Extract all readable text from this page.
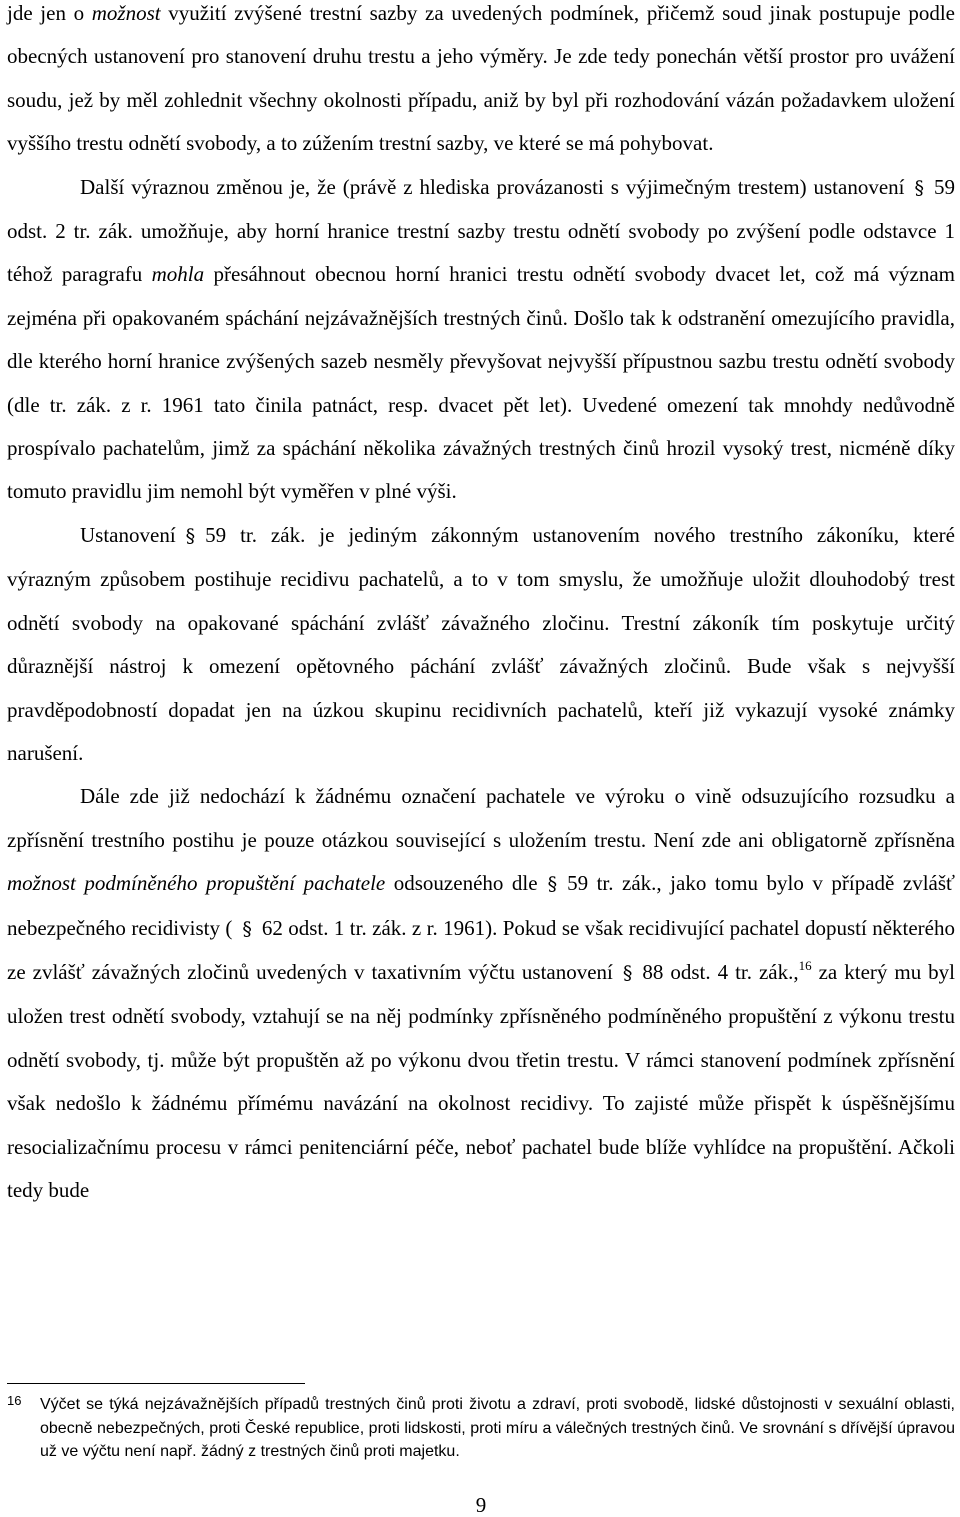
jde jen o možnost využití zvýšené trestní sazby za uvedených podmínek, přičemž soud jinak postupuje podle obecných ustanovení pro stanovení druhu trestu a jeho výměry. Je zde tedy ponechán větší prostor pro uvážení soudu, jež by měl zohlednit všechny okolnosti případu, aniž by byl při rozhodování vázán požadavkem uložení vyššího trestu odnětí svobody, a to zúžením trestní sazby, ve které se má pohybovat.

Další výraznou změnou je, že (právě z hlediska provázanosti s výjimečným trestem) ustanovení § 59 odst. 2 tr. zák. umožňuje, aby horní hranice trestní sazby trestu odnětí svobody po zvýšení podle odstavce 1 téhož paragrafu mohla přesáhnout obecnou horní hranici trestu odnětí svobody dvacet let, což má význam zejména při opakovaném spáchání nejzávažnějších trestných činů. Došlo tak k odstranění omezujícího pravidla, dle kterého horní hranice zvýšených sazeb nesměly převyšovat nejvyšší přípustnou sazbu trestu odnětí svobody (dle tr. zák. z r. 1961 tato činila patnáct, resp. dvacet pět let). Uvedené omezení tak mnohdy nedůvodně prospívalo pachatelům, jimž za spáchání několika závažných trestných činů hrozil vysoký trest, nicméně díky tomuto pravidlu jim nemohl být vyměřen v plné výši.

Ustanovení § 59 tr. zák. je jediným zákonným ustanovením nového trestního zákoníku, které výrazným způsobem postihuje recidivu pachatelů, a to v tom smyslu, že umožňuje uložit dlouhodobý trest odnětí svobody na opakované spáchání zvlášť závažného zločinu. Trestní zákoník tím poskytuje určitý důraznější nástroj k omezení opětovného páchání zvlášť závažných zločinů. Bude však s nejvyšší pravděpodobností dopadat jen na úzkou skupinu recidivních pachatelů, kteří již vykazují vysoké známky narušení.

Dále zde již nedochází k žádnému označení pachatele ve výroku o vině odsuzujícího rozsudku a zpřísnění trestního postihu je pouze otázkou související s uložením trestu. Není zde ani obligatorně zpřísněna možnost podmíněného propuštění pachatele odsouzeného dle § 59 tr. zák., jako tomu bylo v případě zvlášť nebezpečného recidivisty ( § 62 odst. 1 tr. zák. z r. 1961). Pokud se však recidivující pachatel dopustí některého ze zvlášť závažných zločinů uvedených v taxativním výčtu ustanovení § 88 odst. 4 tr. zák.,$^{16}$ za který mu byl uložen trest odnětí svobody, vztahují se na něj podmínky zpřísněného podmíněného propuštění z výkonu trestu odnětí svobody, tj. může být propuštěn až po výkonu dvou třetin trestu. V rámci stanovení podmínek zpřísnění však nedošlo k žádnému přímému navázání na okolnost recidivy. To zajisté může přispět k úspěšnějšímu resocializačnímu procesu v rámci penitenciární péče, neboť pachatel bude blíže vyhlídce na propuštění. Ačkoli tedy bude

16 Výčet se týká nejzávažnějších případů trestných činů proti životu a zdraví, proti svobodě, lidské důstojnosti v sexuální oblasti, obecně nebezpečných, proti České republice, proti lidskosti, proti míru a válečných trestných činů. Ve srovnání s dřívější úpravou už ve výčtu není např. žádný z trestných činů proti majetku.

9
